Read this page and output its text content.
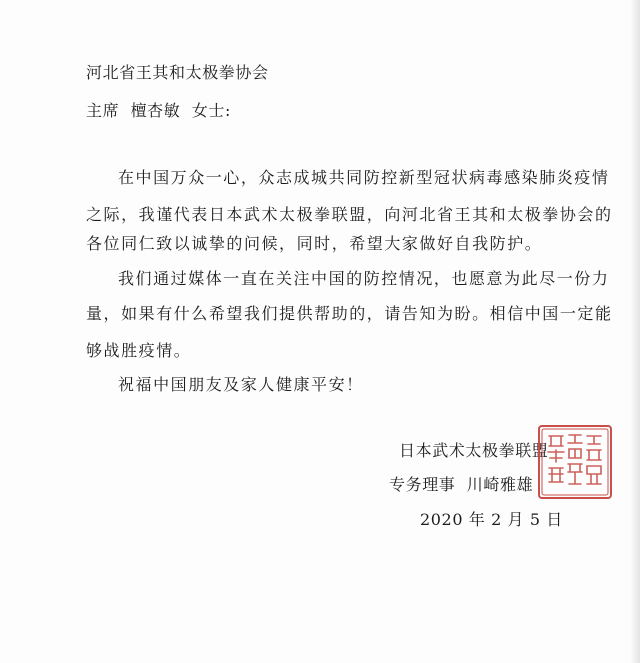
河北省王其和太极拳协会
主席  檀杏敏  女士:
在中国万众一心，众志成城共同防控新型冠状病毒感染肺炎疫情
之际，我谨代表日本武术太极拳联盟，向河北省王其和太极拳协会的
各位同仁致以诚挚的问候，同时，希望大家做好自我防护。
我们通过媒体一直在关注中国的防控情况，也愿意为此尽一份力
量，如果有什么希望我们提供帮助的，请告知为盼。相信中国一定能
够战胜疫情。
祝福中国朋友及家人健康平安！
日本武术太极拳联盟
专务理事  川崎雅雄
2020 年 2 月 5 日
